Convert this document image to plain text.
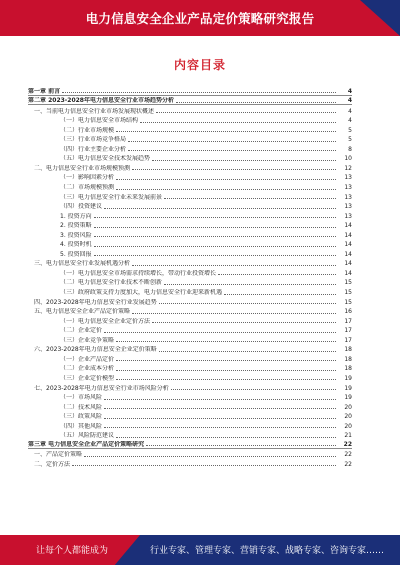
电力信息安全企业产品定价策略研究报告
内容目录
第一章 前言	4
第二章 2023-2028年电力信息安全行业市场趋势分析	4
一、当前电力信息安全行业市场发展现状概述	4
（一）电力信息安全市场结构	4
（二）行业市场规模	5
（三）行业市场竞争格局	5
（四）行业主要企业分析	8
（五）电力信息安全技术发展趋势	10
二、电力信息安全行业市场规模预测	12
（一）影响因素分析	13
（二）市场规模预测	13
（三）电力信息安全行业未来发展前景	13
（四）投资建议	13
1. 投资方向	13
2. 投资策略	14
3. 投资风险	14
4. 投资时机	14
5. 投资回报	14
三、电力信息安全行业发展机遇分析	14
（一）电力信息安全市场需求持续增长，带动行业投资增长	14
（二）电力信息安全行业技术不断创新	15
（三）政府政策支持力度加大，电力信息安全行业迎来新机遇	15
四、2023-2028年电力信息安全行业发展趋势	15
五、电力信息安全企业产品定价策略	16
（一）电力信息安全企业定价方法	17
（二）企业定价	17
（三）企业竞争策略	17
六、2023-2028年电力信息安全企业定价策略	18
（一）企业产品定价	18
（二）企业成本分析	18
（三）企业定价模型	19
七、2023-2028年电力信息安全行业市场风险分析	19
（一）市场风险	19
（二）技术风险	20
（三）政策风险	20
（四）其他风险	20
（五）风险防范建议	21
第三章 电力信息安全企业产品定价策略研究	22
一、产品定价策略	22
二、定价方法	22
让每个人都能成为	行业专家、管理专家、营销专家、战略专家、咨询专家……
